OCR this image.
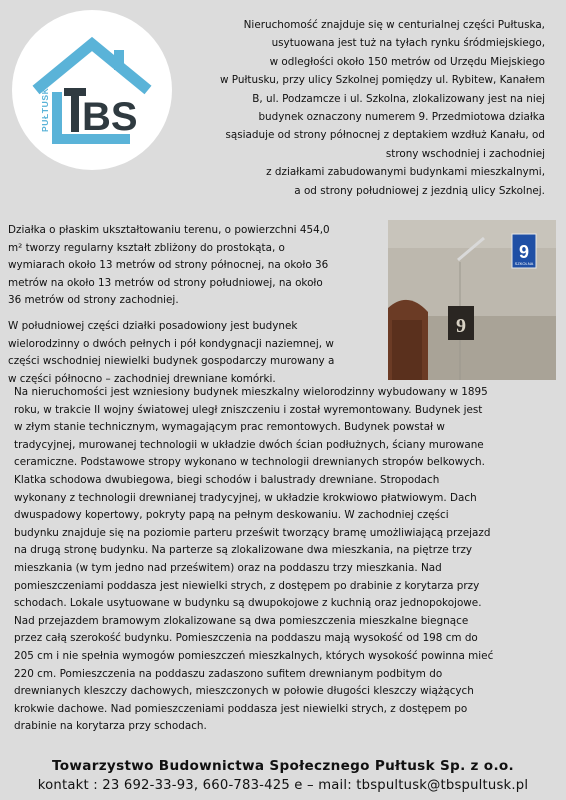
BS
PUŁTUSK

Nieruchomość znajduje się w centurialnej części Pułtuska,

usytuowana jest tuż na tyłach rynku śródmiejskiego,

w odległości około 150 metrów od Urzędu Miejskiego

w Pułtusku, przy ulicy Szkolnej pomiędzy ul. Rybitew, Kanałem

B, ul. Podzamcze i ul. Szkolna, zlokalizowany jest na niej

budynek oznaczony numerem 9. Przedmiotowa działka

sąsiaduje od strony północnej z deptakiem wzdłuż Kanału, od

strony wschodniej i zachodniej

z działkami zabudowanymi budynkami mieszkalnymi,

a od strony południowej z jezdnią ulicy Szkolnej.

Działka o płaskim ukształtowaniu terenu, o powierzchni 454,0

m² tworzy regularny kształt zbliżony do prostokąta, o

wymiarach około 13 metrów od strony północnej, na około 36

metrów na około 13 metrów od strony południowej, na około

36 metrów od strony zachodniej.

W południowej części działki posadowiony jest budynek

wielorodzinny o dwóch pełnych i pół kondygnacji naziemnej, w

części wschodniej niewielki budynek gospodarczy murowany a

w części północno – zachodniej drewniane komórki.

9
SZKOLNA
9

Na nieruchomości jest wzniesiony budynek mieszkalny wielorodzinny wybudowany w 1895

roku, w trakcie II wojny światowej uległ zniszczeniu i został wyremontowany. Budynek jest

w złym stanie technicznym, wymagającym prac remontowych. Budynek powstał w

tradycyjnej, murowanej technologii w układzie dwóch ścian podłużnych, ściany murowane

ceramiczne. Podstawowe stropy wykonano w technologii drewnianych stropów belkowych.

Klatka schodowa dwubiegowa, biegi schodów i balustrady drewniane. Stropodach

wykonany z technologii drewnianej tradycyjnej, w układzie krokwiowo płatwiowym. Dach

dwuspadowy kopertowy, pokryty papą na pełnym deskowaniu. W zachodniej części

budynku znajduje się na poziomie parteru prześwit tworzący bramę umożliwiającą przejazd

na drugą stronę budynku. Na parterze są zlokalizowane dwa mieszkania, na piętrze trzy

mieszkania (w tym jedno nad prześwitem) oraz na poddaszu trzy mieszkania. Nad

pomieszczeniami poddasza jest niewielki strych, z dostępem po drabinie z korytarza przy

schodach. Lokale usytuowane w budynku są dwupokojowe z kuchnią oraz jednopokojowe.

Nad przejazdem bramowym zlokalizowane są dwa pomieszczenia mieszkalne biegnące

przez całą szerokość budynku. Pomieszczenia na poddaszu mają wysokość od 198 cm do

205 cm i nie spełnia wymogów pomieszczeń mieszkalnych, których wysokość powinna mieć

220 cm. Pomieszczenia na poddaszu zadaszono sufitem drewnianym podbitym do

drewnianych kleszczy dachowych, mieszczonych w połowie długości kleszczy wiążących

krokwie dachowe. Nad pomieszczeniami poddasza jest niewielki strych, z dostępem po

drabinie na korytarza przy schodach.

Towarzystwo Budownictwa Społecznego Pułtusk Sp. z o.o.
kontakt : 23 692-33-93, 660-783-425 e – mail: tbspultusk@tbspultusk.pl
